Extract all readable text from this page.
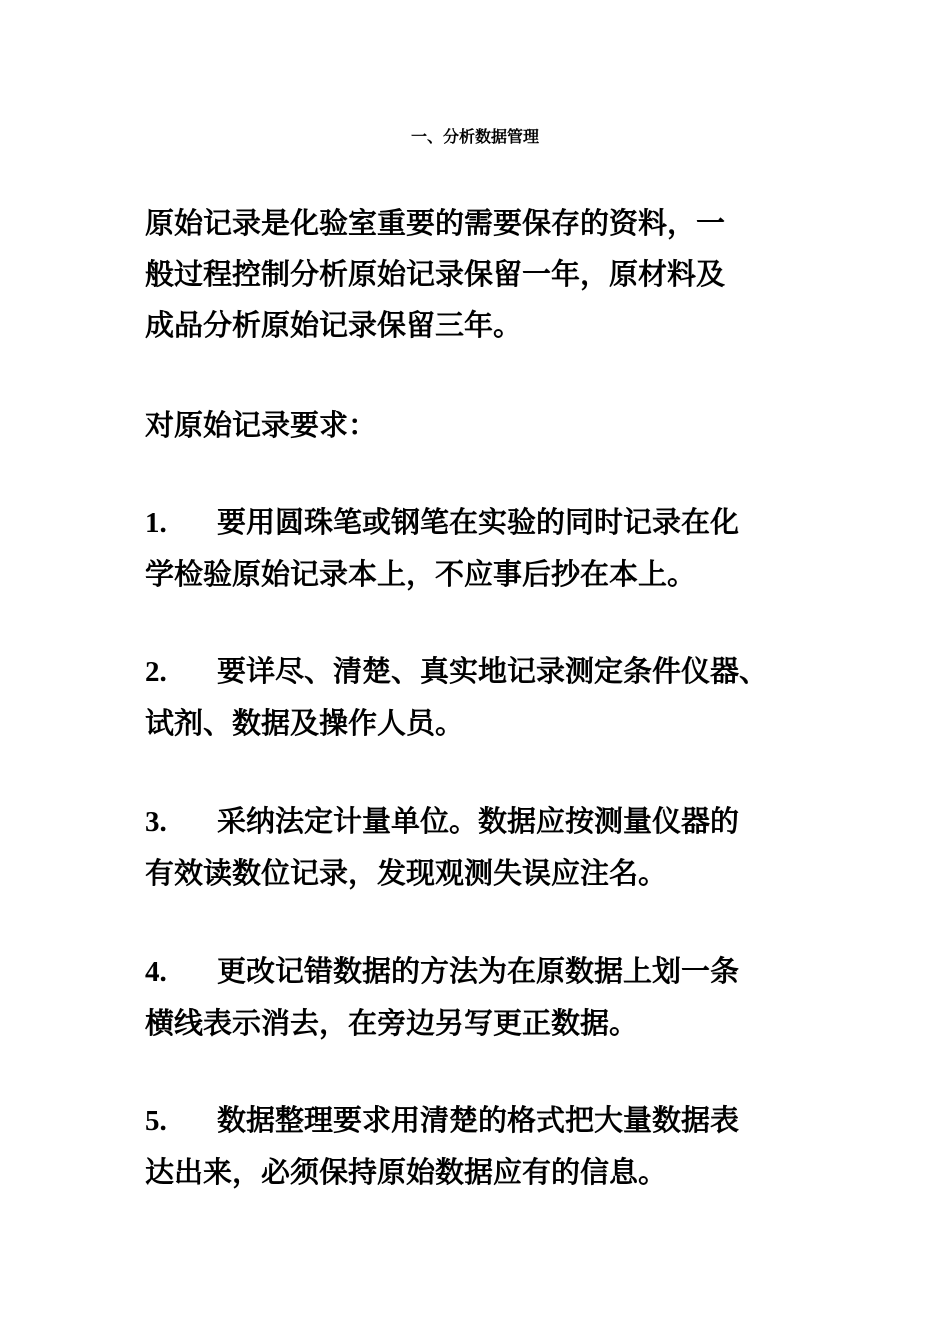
一、分析数据管理
原始记录是化验室重要的需要保存的资料，一
般过程控制分析原始记录保留一年，原材料及
成品分析原始记录保留三年。
对原始记录要求：
1. 要用圆珠笔或钢笔在实验的同时记录在化
学检验原始记录本上，不应事后抄在本上。
2. 要详尽、清楚、真实地记录测定条件仪器、
试剂、数据及操作人员。
3. 采纳法定计量单位。数据应按测量仪器的
有效读数位记录，发现观测失误应注名。
4. 更改记错数据的方法为在原数据上划一条
横线表示消去，在旁边另写更正数据。
5. 数据整理要求用清楚的格式把大量数据表
达出来，必须保持原始数据应有的信息。
